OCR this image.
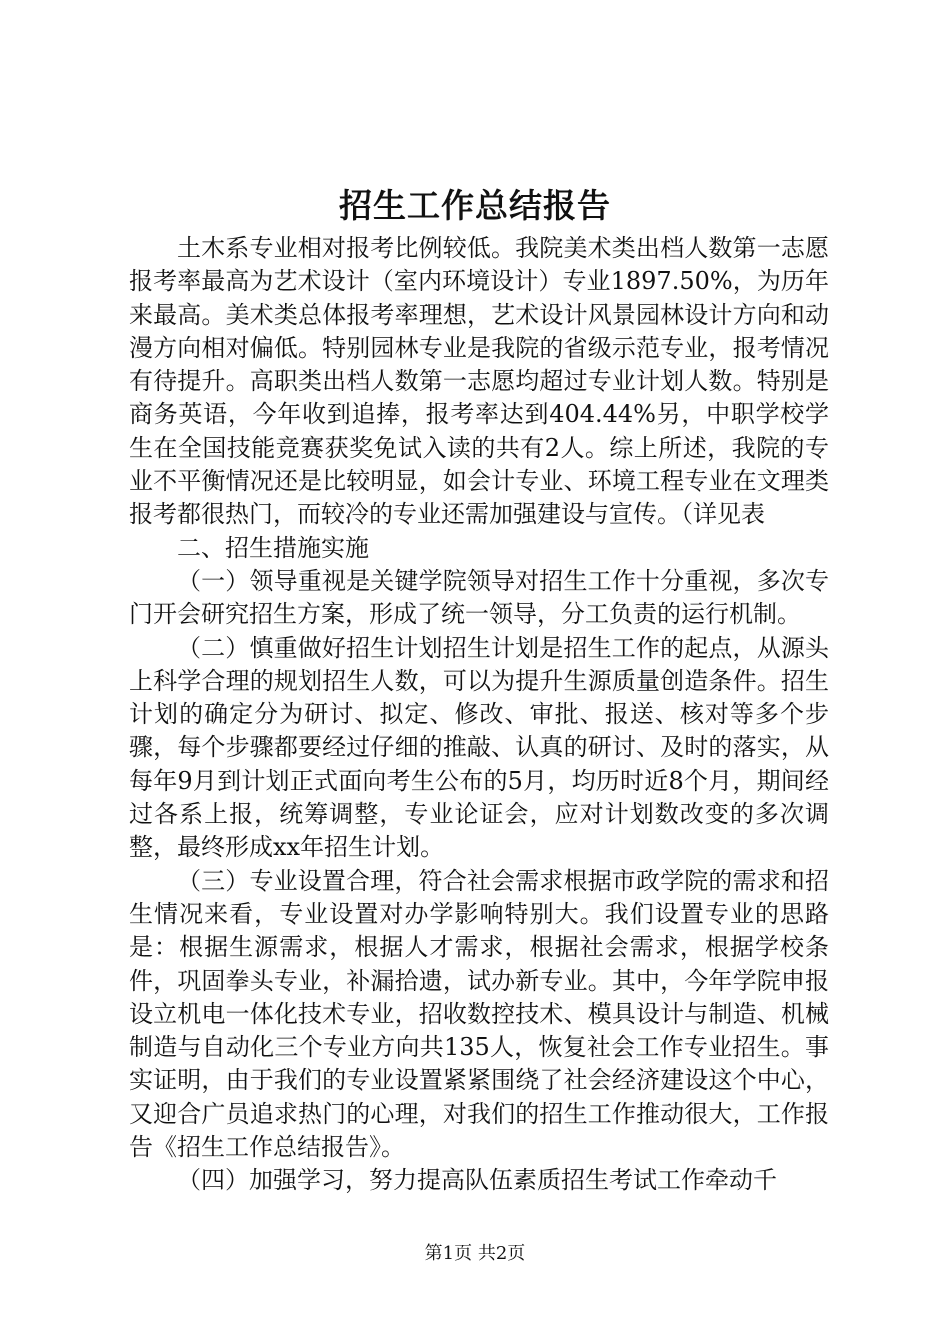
招生工作总结报告

土木系专业相对报考比例较低。我院美术类出档人数第一志愿报考率最高为艺术设计（室内环境设计）专业1897.50%，为历年来最高。美术类总体报考率理想，艺术设计风景园林设计方向和动漫方向相对偏低。特别园林专业是我院的省级示范专业，报考情况有待提升。高职类出档人数第一志愿均超过专业计划人数。特别是商务英语，今年收到追捧，报考率达到404.44%另，中职学校学生在全国技能竞赛获奖免试入读的共有2人。综上所述，我院的专业不平衡情况还是比较明显，如会计专业、环境工程专业在文理类报考都很热门，而较冷的专业还需加强建设与宣传。（详见表

二、招生措施实施

（一）领导重视是关键学院领导对招生工作十分重视，多次专门开会研究招生方案，形成了统一领导，分工负责的运行机制。

（二）慎重做好招生计划招生计划是招生工作的起点，从源头上科学合理的规划招生人数，可以为提升生源质量创造条件。招生计划的确定分为研讨、拟定、修改、审批、报送、核对等多个步骤，每个步骤都要经过仔细的推敲、认真的研讨、及时的落实，从每年9月到计划正式面向考生公布的5月，均历时近8个月，期间经过各系上报，统筹调整，专业论证会，应对计划数改变的多次调整，最终形成xx年招生计划。

（三）专业设置合理，符合社会需求根据市政学院的需求和招生情况来看，专业设置对办学影响特别大。我们设置专业的思路是：根据生源需求，根据人才需求，根据社会需求，根据学校条件，巩固拳头专业，补漏拾遗，试办新专业。其中，今年学院申报设立机电一体化技术专业，招收数控技术、模具设计与制造、机械制造与自动化三个专业方向共135人，恢复社会工作专业招生。事实证明，由于我们的专业设置紧紧围绕了社会经济建设这个中心，又迎合广员追求热门的心理，对我们的招生工作推动很大，工作报告《招生工作总结报告》。

（四）加强学习，努力提高队伍素质招生考试工作牵动千

第1页 共2页
